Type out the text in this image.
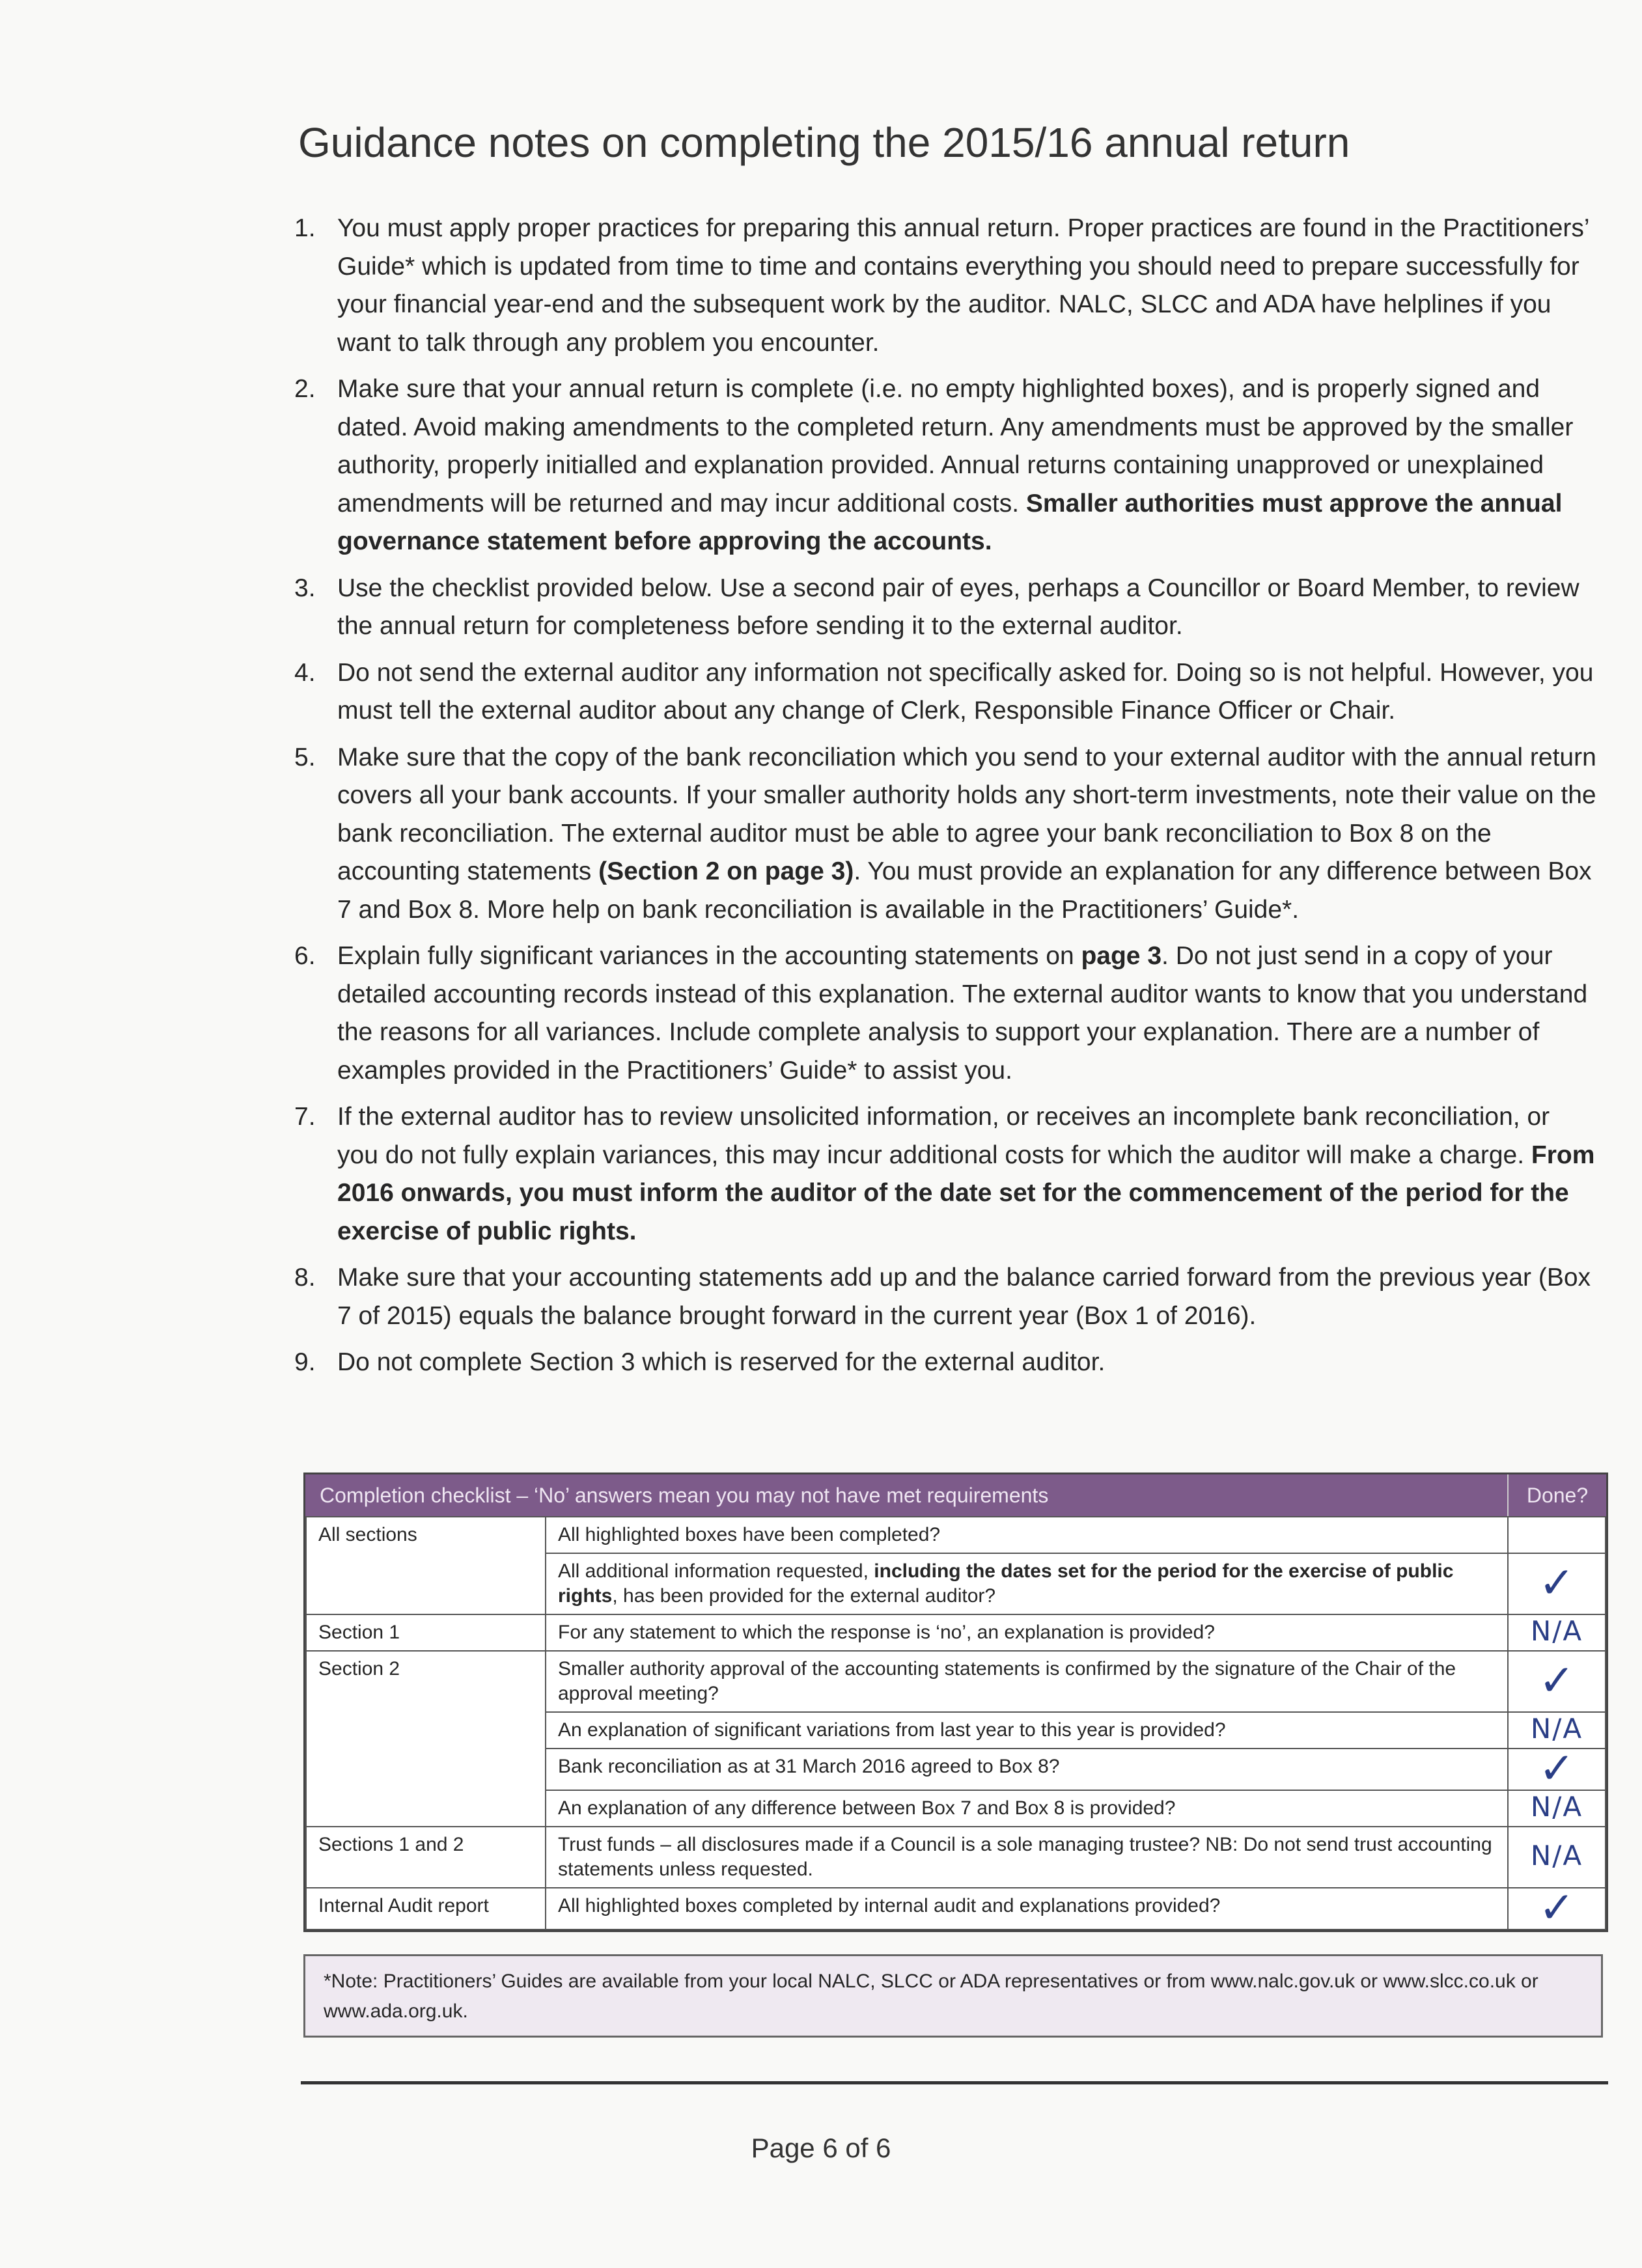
Guidance notes on completing the 2015/16 annual return
1. You must apply proper practices for preparing this annual return. Proper practices are found in the Practitioners’ Guide* which is updated from time to time and contains everything you should need to prepare successfully for your financial year-end and the subsequent work by the auditor. NALC, SLCC and ADA have helplines if you want to talk through any problem you encounter.
2. Make sure that your annual return is complete (i.e. no empty highlighted boxes), and is properly signed and dated. Avoid making amendments to the completed return. Any amendments must be approved by the smaller authority, properly initialled and explanation provided. Annual returns containing unapproved or unexplained amendments will be returned and may incur additional costs. Smaller authorities must approve the annual governance statement before approving the accounts.
3. Use the checklist provided below. Use a second pair of eyes, perhaps a Councillor or Board Member, to review the annual return for completeness before sending it to the external auditor.
4. Do not send the external auditor any information not specifically asked for. Doing so is not helpful. However, you must tell the external auditor about any change of Clerk, Responsible Finance Officer or Chair.
5. Make sure that the copy of the bank reconciliation which you send to your external auditor with the annual return covers all your bank accounts. If your smaller authority holds any short-term investments, note their value on the bank reconciliation. The external auditor must be able to agree your bank reconciliation to Box 8 on the accounting statements (Section 2 on page 3). You must provide an explanation for any difference between Box 7 and Box 8. More help on bank reconciliation is available in the Practitioners’ Guide*.
6. Explain fully significant variances in the accounting statements on page 3. Do not just send in a copy of your detailed accounting records instead of this explanation. The external auditor wants to know that you understand the reasons for all variances. Include complete analysis to support your explanation. There are a number of examples provided in the Practitioners’ Guide* to assist you.
7. If the external auditor has to review unsolicited information, or receives an incomplete bank reconciliation, or you do not fully explain variances, this may incur additional costs for which the auditor will make a charge. From 2016 onwards, you must inform the auditor of the date set for the commencement of the period for the exercise of public rights.
8. Make sure that your accounting statements add up and the balance carried forward from the previous year (Box 7 of 2015) equals the balance brought forward in the current year (Box 1 of 2016).
9. Do not complete Section 3 which is reserved for the external auditor.
Completion checklist – ‘No’ answers mean you may not have met requirements	Done?
All sections	All highlighted boxes have been completed?	
	All additional information requested, including the dates set for the period for the exercise of public rights, has been provided for the external auditor?	✓
Section 1	For any statement to which the response is ‘no’, an explanation is provided?	N/A
Section 2	Smaller authority approval of the accounting statements is confirmed by the signature of the Chair of the approval meeting?	✓
	An explanation of significant variations from last year to this year is provided?	N/A
	Bank reconciliation as at 31 March 2016 agreed to Box 8?	✓
	An explanation of any difference between Box 7 and Box 8 is provided?	N/A
Sections 1 and 2	Trust funds – all disclosures made if a Council is a sole managing trustee? NB: Do not send trust accounting statements unless requested.	N/A
Internal Audit report	All highlighted boxes completed by internal audit and explanations provided?	✓
*Note: Practitioners’ Guides are available from your local NALC, SLCC or ADA representatives or from www.nalc.gov.uk or www.slcc.co.uk or www.ada.org.uk.
Page 6 of 6
